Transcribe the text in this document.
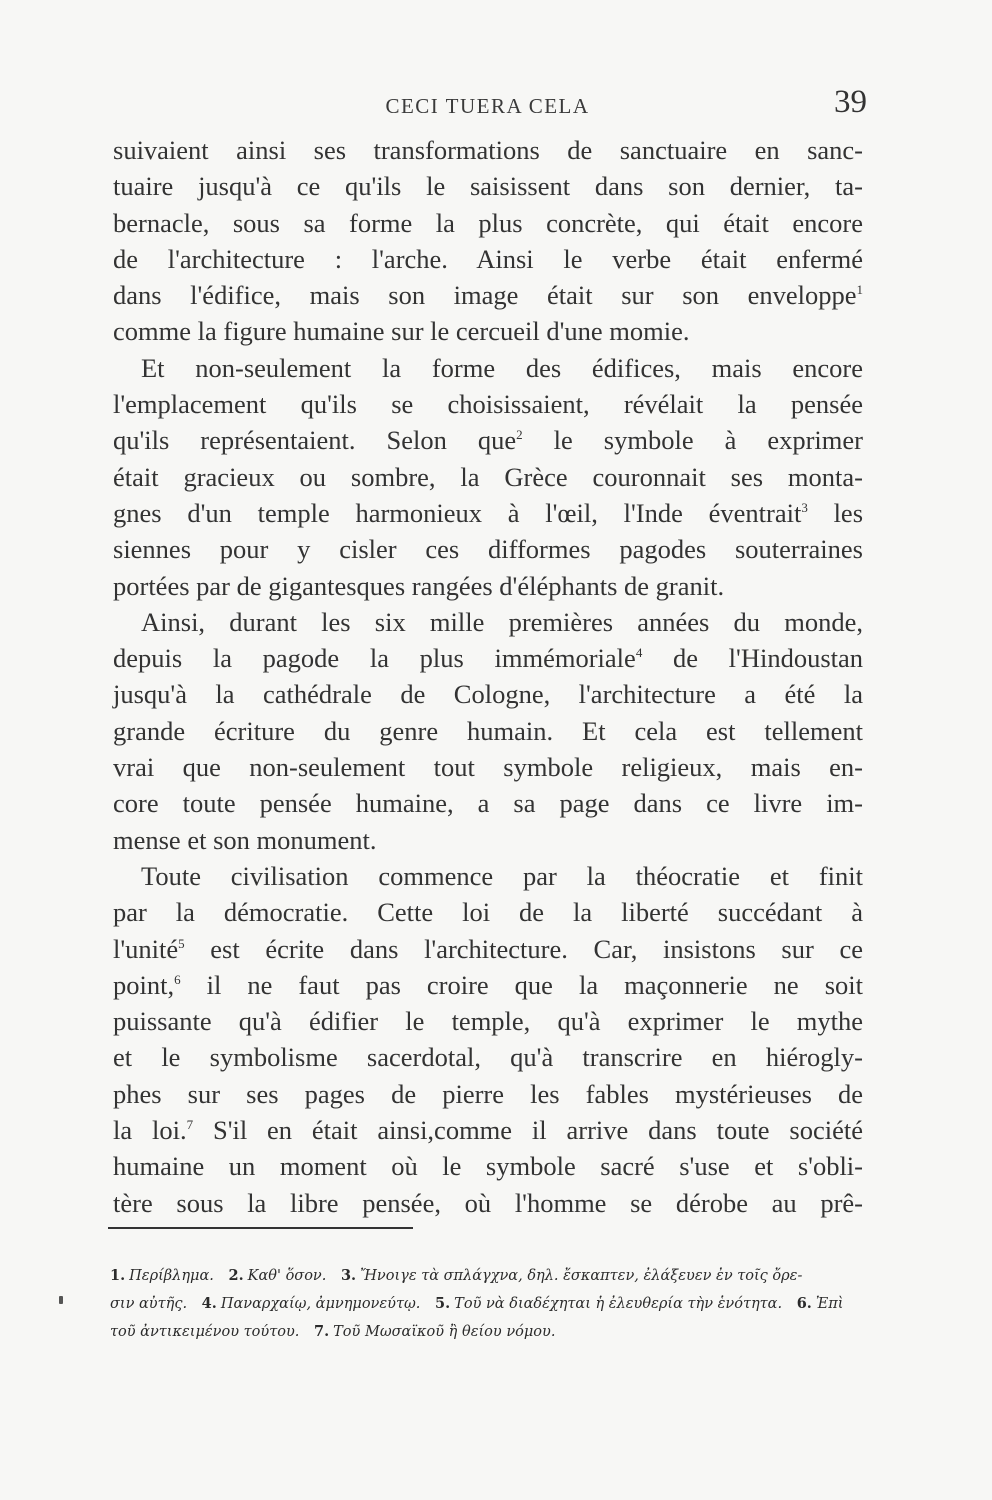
CECI TUERA CELA	39
suivaient ainsi ses transformations de sanctuaire en sanc-
tuaire jusqu'à ce qu'ils le saisissent dans son dernier, ta-
bernacle, sous sa forme la plus concrète, qui était encore
de l'architecture : l'arche. Ainsi le verbe était enfermé
dans l'édifice, mais son image était sur son enveloppe$^1$
comme la figure humaine sur le cercueil d'une momie.
Et non-seulement la forme des édifices, mais encore
l'emplacement qu'ils se choisissaient, révélait la pensée
qu'ils représentaient. Selon que$^2$ le symbole à exprimer
était gracieux ou sombre, la Grèce couronnait ses monta-
gnes d'un temple harmonieux à l'œil, l'Inde éventrait$^3$ les
siennes pour y cisler ces difformes pagodes souterraines
portées par de gigantesques rangées d'éléphants de granit.
Ainsi, durant les six mille premières années du monde,
depuis la pagode la plus immémoriale$^4$ de l'Hindoustan
jusqu'à la cathédrale de Cologne, l'architecture a été la
grande écriture du genre humain. Et cela est tellement
vrai que non-seulement tout symbole religieux, mais en-
core toute pensée humaine, a sa page dans ce livre im-
mense et son monument.
Toute civilisation commence par la théocratie et finit
par la démocratie. Cette loi de la liberté succédant à
l'unité$^5$ est écrite dans l'architecture. Car, insistons sur ce
point,$^6$ il ne faut pas croire que la maçonnerie ne soit
puissante qu'à édifier le temple, qu'à exprimer le mythe
et le symbolisme sacerdotal, qu'à transcrire en hiérogly-
phes sur ses pages de pierre les fables mystérieuses de
la loi.$^7$ S'il en était ainsi,comme il arrive dans toute société
humaine un moment où le symbole sacré s'use et s'obli-
tère sous la libre pensée, où l'homme se dérobe au prê-
1. Περίβλημα. 2. Καθ' ὅσον. 3. Ἤνοιγε τὰ σπλάγχνα, δηλ. ἔσκαπτεν, ἐλάξευεν ἐν τοῖς ὄρε-
σιν αὐτῆς. 4. Παναρχαίῳ, ἀμνημονεύτῳ. 5. Τοῦ νὰ διαδέχηται ἡ ἐλευθερία τὴν ἑνότητα. 6. Ἐπὶ
τοῦ ἀντικειμένου τούτου. 7. Τοῦ Μωσαϊκοῦ ἢ θείου νόμου.
